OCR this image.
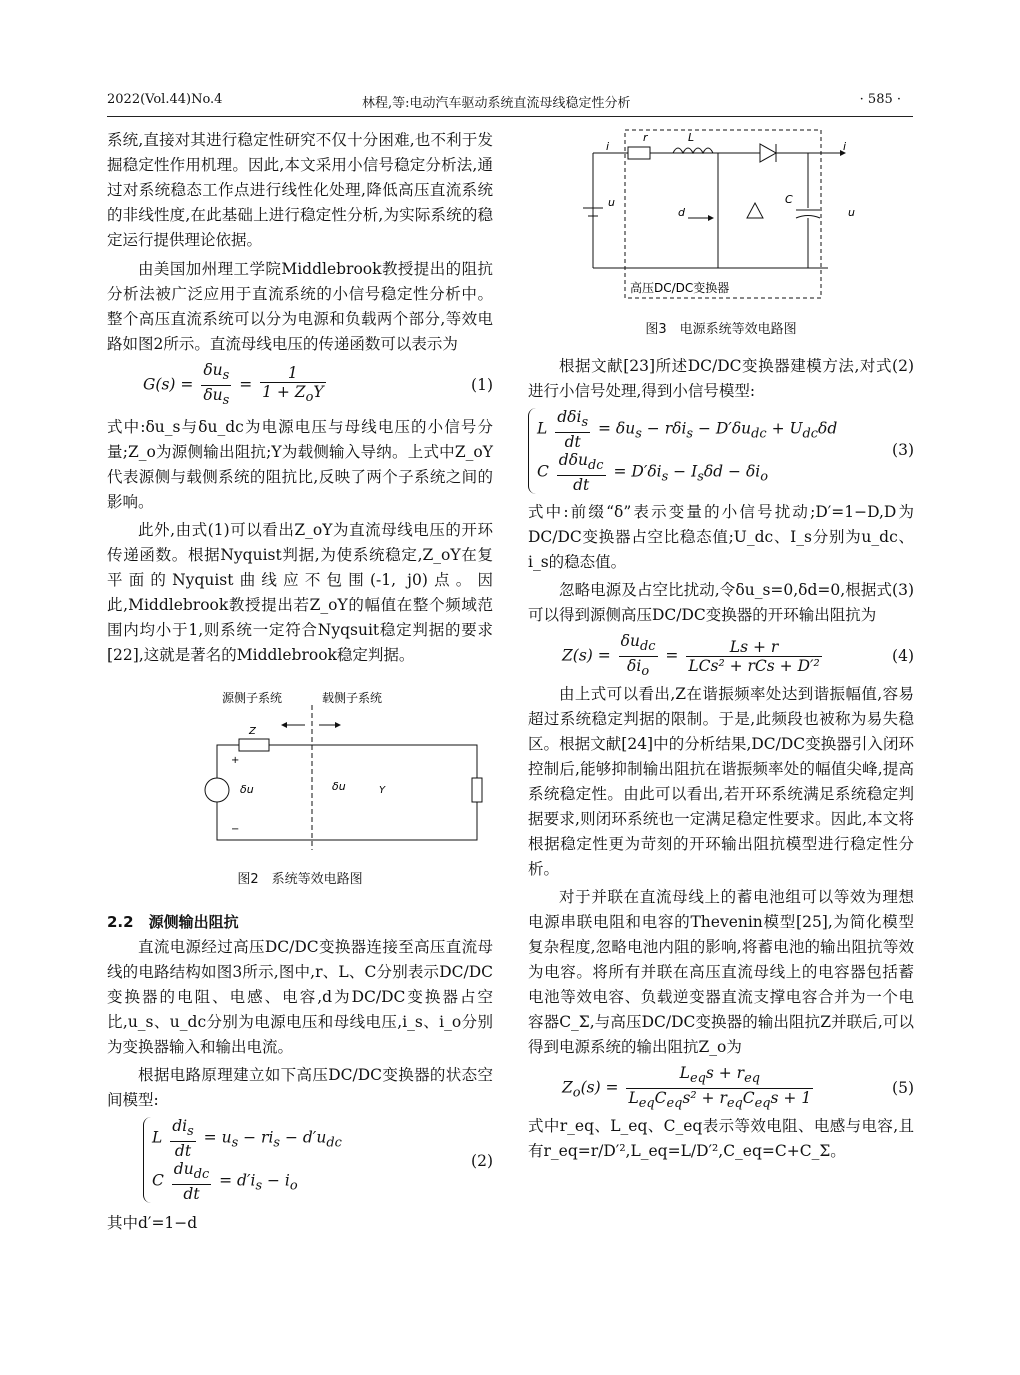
2022(Vol.44)No.4	林程,等:电动汽车驱动系统直流母线稳定性分析	· 585 ·

系统,直接对其进行稳定性研究不仅十分困难,也不利于发掘稳定性作用机理。因此,本文采用小信号稳定分析法,通过对系统稳态工作点进行线性化处理,降低高压直流系统的非线性度,在此基础上进行稳定性分析,为实际系统的稳定运行提供理论依据。

由美国加州理工学院Middlebrook教授提出的阻抗分析法被广泛应用于直流系统的小信号稳定性分析中。整个高压直流系统可以分为电源和负载两个部分,等效电路如图2所示。直流母线电压的传递函数可以表示为

$G(s) = \frac{\delta u_s}{\delta u_s} = \frac{1}{1 + Z_oY}$	(1)

式中:δu_s与δu_dc为电源电压与母线电压的小信号分量;Z_o为源侧输出阻抗;Y为载侧输入导纳。上式中Z_oY代表源侧与载侧系统的阻抗比,反映了两个子系统之间的影响。

此外,由式(1)可以看出Z_oY为直流母线电压的开环传递函数。根据Nyquist判据,为使系统稳定,Z_oY在复平面的Nyquist曲线应不包围(-1, j0)点。因此,Middlebrook教授提出若Z_oY的幅值在整个频域范围内均小于1,则系统一定符合Nyqsuit稳定判据的要求[22],这就是著名的Middlebrook稳定判据。

源侧子系统	载侧子系统
Z
δu	δu	Y
+
−
图2　系统等效电路图

2.2　源侧输出阻抗

直流电源经过高压DC/DC变换器连接至高压直流母线的电路结构如图3所示,图中,r、L、C分别表示DC/DC变换器的电阻、电感、电容,d为DC/DC变换器占空比,u_s、u_dc分别为电源电压和母线电压,i_s、i_o分别为变换器输入和输出电流。

根据电路原理建立如下高压DC/DC变换器的状态空间模型:

L $\frac{di_s}{dt} = u_s - ri_s - d'u_{dc}$
C $\frac{du_{dc}}{dt} = d'i_s - i_o$
(2)

其中d′=1−d

r	L
i
u	C
d
i
u
高压DC/DC变换器
图3　电源系统等效电路图

根据文献[23]所述DC/DC变换器建模方法,对式(2)进行小信号处理,得到小信号模型:

L $\frac{d\delta i_s}{dt} = \delta u_s - r\delta i_s - D'\delta u_{dc} + U_{dc}\delta d$
C $\frac{d\delta u_{dc}}{dt} = D'\delta i_s - I_s\delta d - \delta i_o$
(3)

式中:前缀“δ”表示变量的小信号扰动;D′=1−D,D为DC/DC变换器占空比稳态值;U_dc、I_s分别为u_dc、i_s的稳态值。

忽略电源及占空比扰动,令δu_s=0,δd=0,根据式(3)可以得到源侧高压DC/DC变换器的开环输出阻抗为

$Z(s) = \frac{\delta u_{dc}}{\delta i_o} = \frac{Ls + r}{\text{LCs² + rCs + D′²}}$	(4)

由上式可以看出,Z在谐振频率处达到谐振幅值,容易超过系统稳定判据的限制。于是,此频段也被称为易失稳区。根据文献[24]中的分析结果,DC/DC变换器引入闭环控制后,能够抑制输出阻抗在谐振频率处的幅值尖峰,提高系统稳定性。由此可以看出,若开环系统满足系统稳定判据要求,则闭环系统也一定满足稳定性要求。因此,本文将根据稳定性更为苛刻的开环输出阻抗模型进行稳定性分析。

对于并联在直流母线上的蓄电池组可以等效为理想电源串联电阻和电容的Thevenin模型[25],为简化模型复杂程度,忽略电池内阻的影响,将蓄电池的输出阻抗等效为电容。将所有并联在高压直流母线上的电容器包括蓄电池等效电容、负载逆变器直流支撑电容合并为一个电容器C_Σ,与高压DC/DC变换器的输出阻抗Z并联后,可以得到电源系统的输出阻抗Z_o为

$Z_o(s) = \frac{L_{eq}s + r_{eq}}{L_{eq}C_{eq}s^2 + r_{eq}C_{eq}s + 1}$	(5)

式中r_eq、L_eq、C_eq表示等效电阻、电感与电容,且有r_eq=r/D′²,L_eq=L/D′²,C_eq=C+C_Σ。
